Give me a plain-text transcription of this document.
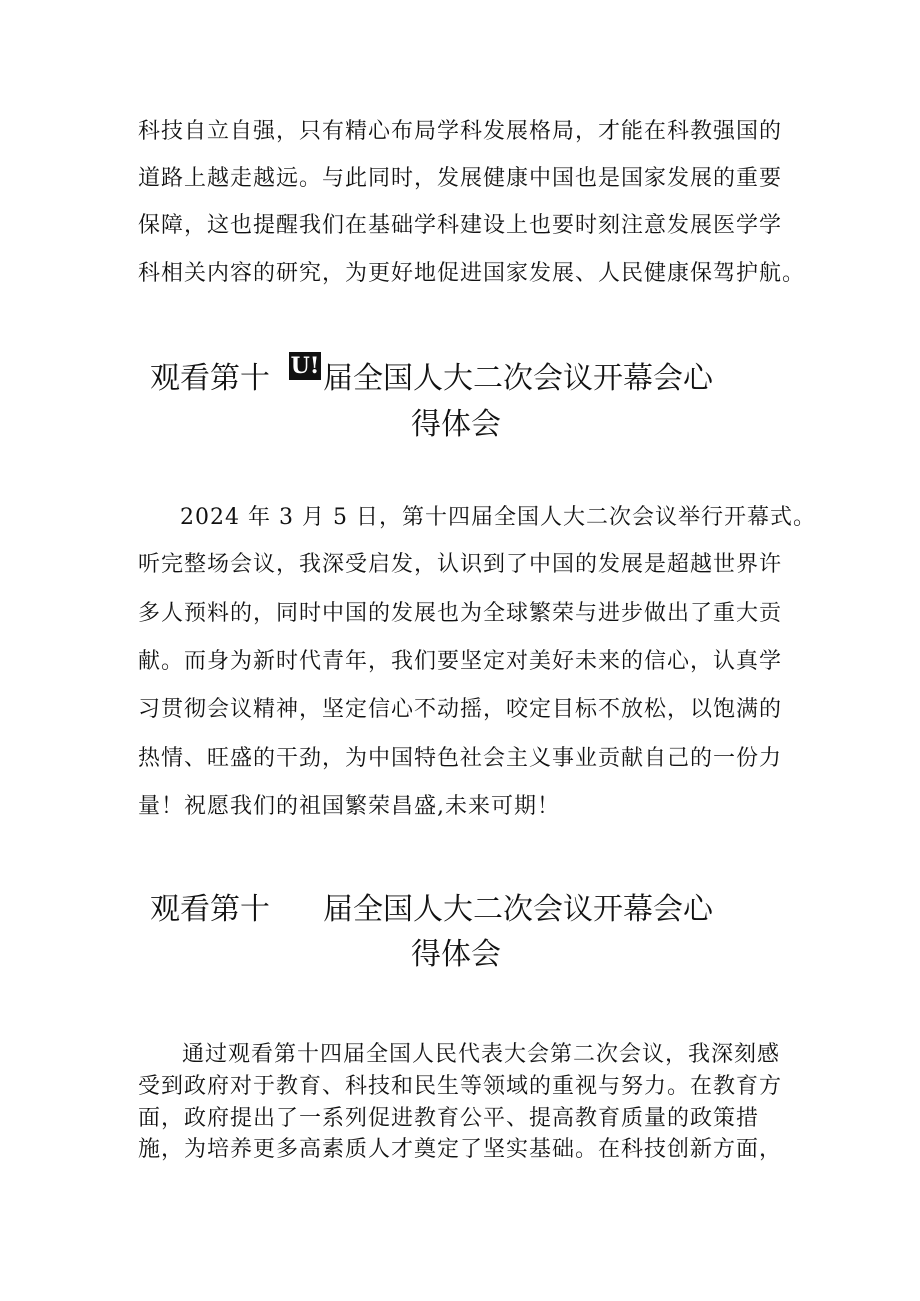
科技自立自强，只有精心布局学科发展格局，才能在科教强国的
道路上越走越远。与此同时，发展健康中国也是国家发展的重要
保障，这也提醒我们在基础学科建设上也要时刻注意发展医学学
科相关内容的研究，为更好地促进国家发展、人民健康保驾护航。
观看第十 U! 届全国人大二次会议开幕会心
得体会
2024 年 3 月 5 日，第十四届全国人大二次会议举行开幕式。
听完整场会议，我深受启发，认识到了中国的发展是超越世界许
多人预料的，同时中国的发展也为全球繁荣与进步做出了重大贡
献。而身为新时代青年，我们要坚定对美好未来的信心，认真学
习贯彻会议精神，坚定信心不动摇，咬定目标不放松，以饱满的
热情、旺盛的干劲，为中国特色社会主义事业贡献自己的一份力
量！祝愿我们的祖国繁荣昌盛,未来可期！
观看第十 届全国人大二次会议开幕会心
得体会
通过观看第十四届全国人民代表大会第二次会议，我深刻感
受到政府对于教育、科技和民生等领域的重视与努力。在教育方
面，政府提出了一系列促进教育公平、提高教育质量的政策措
施，为培养更多高素质人才奠定了坚实基础。在科技创新方面，
